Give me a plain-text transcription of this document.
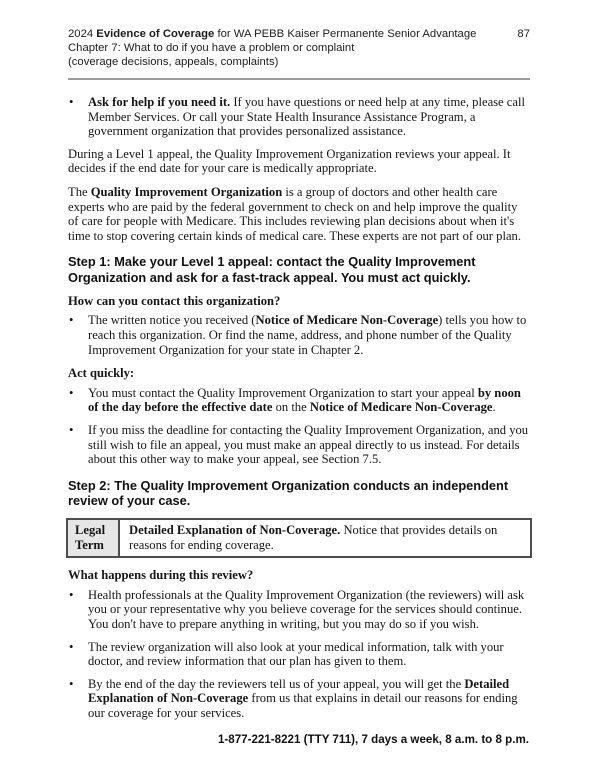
2024 Evidence of Coverage for WA PEBB Kaiser Permanente Senior Advantage	87
Chapter 7: What to do if you have a problem or complaint
(coverage decisions, appeals, complaints)
• Ask for help if you need it. If you have questions or need help at any time, please call Member Services. Or call your State Health Insurance Assistance Program, a government organization that provides personalized assistance.

During a Level 1 appeal, the Quality Improvement Organization reviews your appeal. It decides if the end date for your care is medically appropriate.

The Quality Improvement Organization is a group of doctors and other health care experts who are paid by the federal government to check on and help improve the quality of care for people with Medicare. This includes reviewing plan decisions about when it's time to stop covering certain kinds of medical care. These experts are not part of our plan.

Step 1: Make your Level 1 appeal: contact the Quality Improvement Organization and ask for a fast-track appeal. You must act quickly.
How can you contact this organization?
• The written notice you received (Notice of Medicare Non-Coverage) tells you how to reach this organization. Or find the name, address, and phone number of the Quality Improvement Organization for your state in Chapter 2.
Act quickly:
• You must contact the Quality Improvement Organization to start your appeal by noon of the day before the effective date on the Notice of Medicare Non-Coverage.
• If you miss the deadline for contacting the Quality Improvement Organization, and you still wish to file an appeal, you must make an appeal directly to us instead. For details about this other way to make your appeal, see Section 7.5.
Step 2: The Quality Improvement Organization conducts an independent review of your case.
Legal Term
Detailed Explanation of Non-Coverage. Notice that provides details on reasons for ending coverage.
What happens during this review?
• Health professionals at the Quality Improvement Organization (the reviewers) will ask you or your representative why you believe coverage for the services should continue. You don't have to prepare anything in writing, but you may do so if you wish.
• The review organization will also look at your medical information, talk with your doctor, and review information that our plan has given to them.
• By the end of the day the reviewers tell us of your appeal, you will get the Detailed Explanation of Non-Coverage from us that explains in detail our reasons for ending our coverage for your services.
1-877-221-8221 (TTY 711), 7 days a week, 8 a.m. to 8 p.m.
